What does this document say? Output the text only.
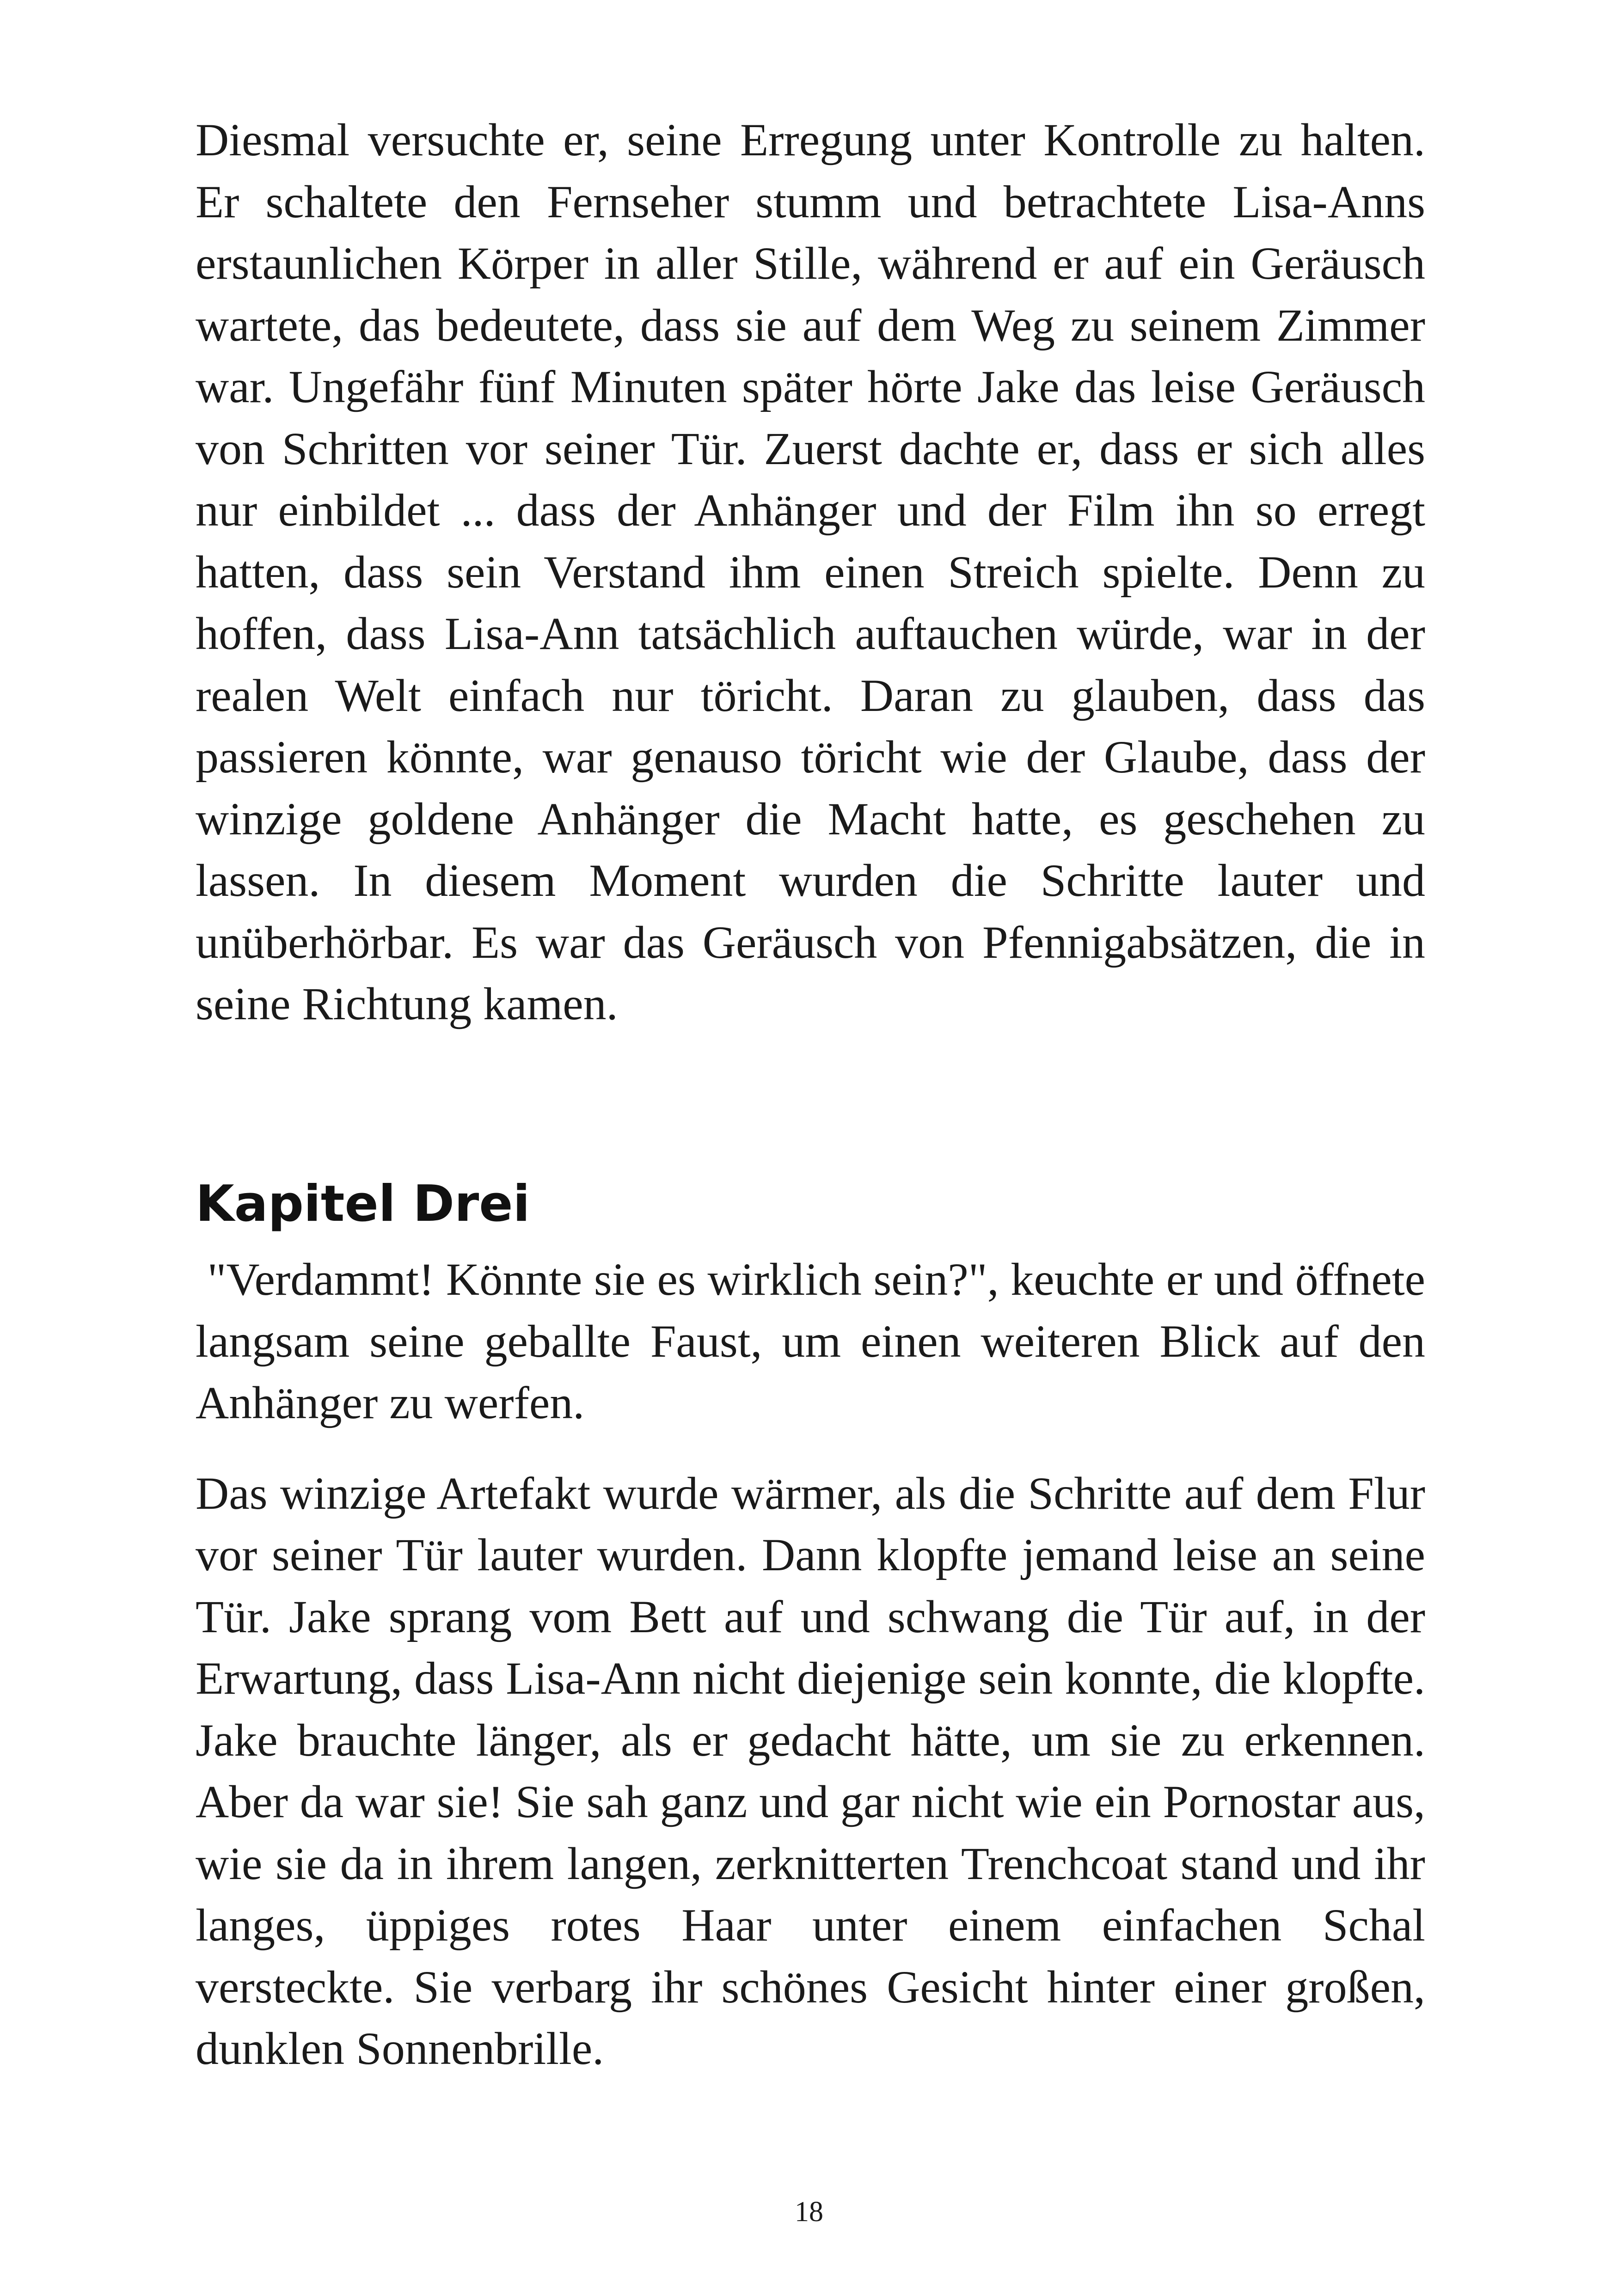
Diesmal versuchte er, seine Erregung unter Kontrolle zu halten. Er schaltete den Fernseher stumm und betrachtete Lisa-Anns erstaunlichen Körper in aller Stille, während er auf ein Geräusch wartete, das bedeutete, dass sie auf dem Weg zu seinem Zimmer war. Ungefähr fünf Minuten später hörte Jake das leise Geräusch von Schritten vor seiner Tür. Zuerst dachte er, dass er sich alles nur einbildet ... dass der Anhänger und der Film ihn so erregt hatten, dass sein Verstand ihm einen Streich spielte. Denn zu hoffen, dass Lisa-Ann tatsächlich auftauchen würde, war in der realen Welt einfach nur töricht. Daran zu glauben, dass das passieren könnte, war genauso töricht wie der Glaube, dass der winzige goldene Anhänger die Macht hatte, es geschehen zu lassen. In diesem Moment wurden die Schritte lauter und unüberhörbar. Es war das Geräusch von Pfennigabsätzen, die in seine Richtung kamen.

Kapitel Drei

"Verdammt! Könnte sie es wirklich sein?", keuchte er und öffnete langsam seine geballte Faust, um einen weiteren Blick auf den Anhänger zu werfen.

Das winzige Artefakt wurde wärmer, als die Schritte auf dem Flur vor seiner Tür lauter wurden. Dann klopfte jemand leise an seine Tür. Jake sprang vom Bett auf und schwang die Tür auf, in der Erwartung, dass Lisa-Ann nicht diejenige sein konnte, die klopfte. Jake brauchte länger, als er gedacht hätte, um sie zu erkennen. Aber da war sie! Sie sah ganz und gar nicht wie ein Pornostar aus, wie sie da in ihrem langen, zerknitterten Trenchcoat stand und ihr langes, üppiges rotes Haar unter einem einfachen Schal versteckte. Sie verbarg ihr schönes Gesicht hinter einer großen, dunklen Sonnenbrille.

18
